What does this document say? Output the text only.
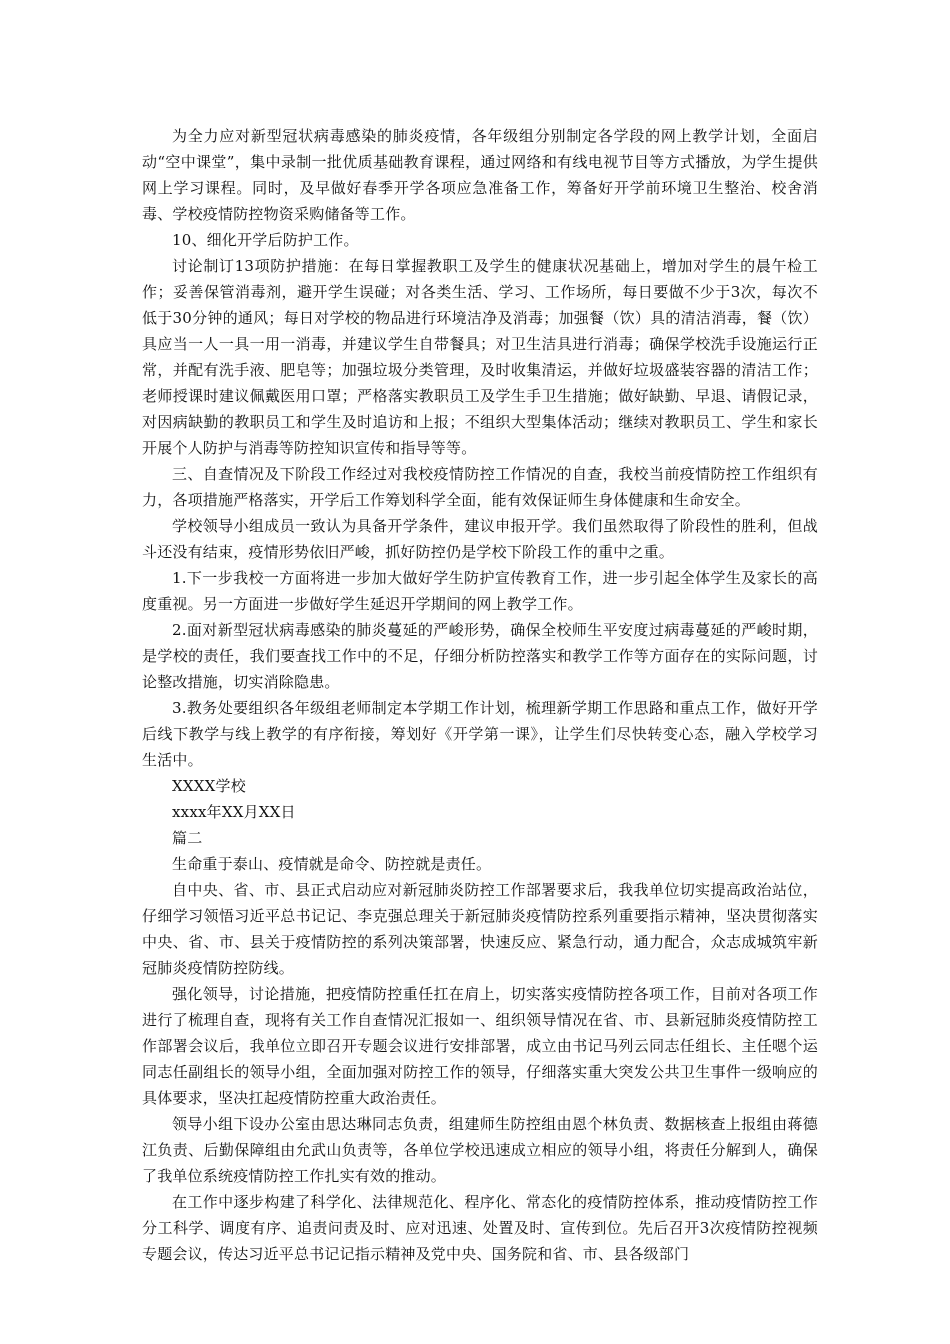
为全力应对新型冠状病毒感染的肺炎疫情，各年级组分别制定各学段的网上教学计划，全面启动“空中课堂”，集中录制一批优质基础教育课程，通过网络和有线电视节目等方式播放，为学生提供网上学习课程。同时，及早做好春季开学各项应急准备工作，筹备好开学前环境卫生整治、校舍消毒、学校疫情防控物资采购储备等工作。

10、细化开学后防护工作。

讨论制订13项防护措施：在每日掌握教职工及学生的健康状况基础上，增加对学生的晨午检工作；妥善保管消毒剂，避开学生误碰；对各类生活、学习、工作场所，每日要做不少于3次，每次不低于30分钟的通风；每日对学校的物品进行环境洁净及消毒；加强餐（饮）具的清洁消毒，餐（饮）具应当一人一具一用一消毒，并建议学生自带餐具；对卫生洁具进行消毒；确保学校洗手设施运行正常，并配有洗手液、肥皂等；加强垃圾分类管理，及时收集清运，并做好垃圾盛装容器的清洁工作；老师授课时建议佩戴医用口罩；严格落实教职员工及学生手卫生措施；做好缺勤、早退、请假记录，对因病缺勤的教职员工和学生及时追访和上报；不组织大型集体活动；继续对教职员工、学生和家长开展个人防护与消毒等防控知识宣传和指导等等。

三、自查情况及下阶段工作经过对我校疫情防控工作情况的自查，我校当前疫情防控工作组织有力，各项措施严格落实，开学后工作筹划科学全面，能有效保证师生身体健康和生命安全。

学校领导小组成员一致认为具备开学条件，建议申报开学。我们虽然取得了阶段性的胜利，但战斗还没有结束，疫情形势依旧严峻，抓好防控仍是学校下阶段工作的重中之重。

1.下一步我校一方面将进一步加大做好学生防护宣传教育工作，进一步引起全体学生及家长的高度重视。另一方面进一步做好学生延迟开学期间的网上教学工作。

2.面对新型冠状病毒感染的肺炎蔓延的严峻形势，确保全校师生平安度过病毒蔓延的严峻时期，是学校的责任，我们要查找工作中的不足，仔细分析防控落实和教学工作等方面存在的实际问题，讨论整改措施，切实消除隐患。

3.教务处要组织各年级组老师制定本学期工作计划，梳理新学期工作思路和重点工作，做好开学后线下教学与线上教学的有序衔接，筹划好《开学第一课》，让学生们尽快转变心态，融入学校学习生活中。

XXXX学校

xxxx年XX月XX日

篇二

生命重于泰山、疫情就是命令、防控就是责任。

自中央、省、市、县正式启动应对新冠肺炎防控工作部署要求后，我我单位切实提高政治站位，仔细学习领悟习近平总书记记、李克强总理关于新冠肺炎疫情防控系列重要指示精神，坚决贯彻落实中央、省、市、县关于疫情防控的系列决策部署，快速反应、紧急行动，通力配合，众志成城筑牢新冠肺炎疫情防控防线。

强化领导，讨论措施，把疫情防控重任扛在肩上，切实落实疫情防控各项工作，目前对各项工作进行了梳理自查，现将有关工作自查情况汇报如一、组织领导情况在省、市、县新冠肺炎疫情防控工作部署会议后，我单位立即召开专题会议进行安排部署，成立由书记马列云同志任组长、主任嗯个运同志任副组长的领导小组，全面加强对防控工作的领导，仔细落实重大突发公共卫生事件一级响应的具体要求，坚决扛起疫情防控重大政治责任。

领导小组下设办公室由思达琳同志负责，组建师生防控组由恩个林负责、数据核查上报组由蒋德江负责、后勤保障组由允武山负责等，各单位学校迅速成立相应的领导小组，将责任分解到人，确保了我单位系统疫情防控工作扎实有效的推动。

在工作中逐步构建了科学化、法律规范化、程序化、常态化的疫情防控体系，推动疫情防控工作分工科学、调度有序、追责问责及时、应对迅速、处置及时、宣传到位。先后召开3次疫情防控视频专题会议，传达习近平总书记记指示精神及党中央、国务院和省、市、县各级部门
